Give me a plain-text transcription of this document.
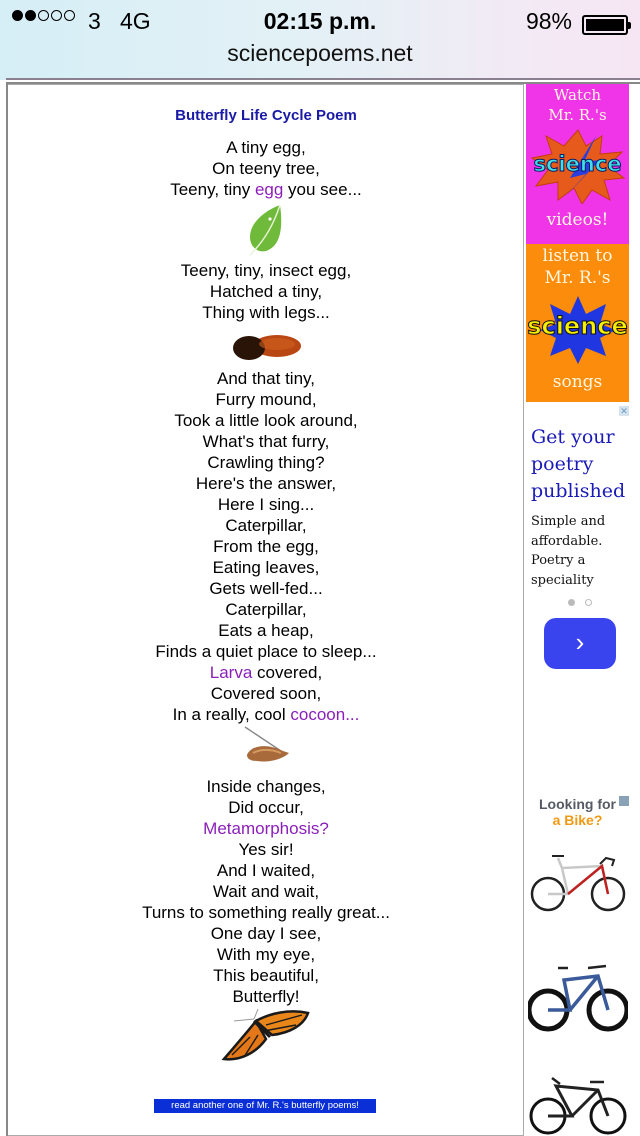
3 4G	02:15 p.m.	98%
sciencepoems.net
Butterfly Life Cycle Poem
A tiny egg,
On teeny tree,
Teeny, tiny egg you see...
Teeny, tiny, insect egg,
Hatched a tiny,
Thing with legs...
And that tiny,
Furry mound,
Took a little look around,
What's that furry,
Crawling thing?
Here's the answer,
Here I sing...
Caterpillar,
From the egg,
Eating leaves,
Gets well-fed...
Caterpillar,
Eats a heap,
Finds a quiet place to sleep...
Larva covered,
Covered soon,
In a really, cool cocoon...
Inside changes,
Did occur,
Metamorphosis?
Yes sir!
And I waited,
Wait and wait,
Turns to something really great...
One day I see,
With my eye,
This beautiful,
Butterfly!
read another one of Mr. R.'s butterfly poems!
Watch
Mr. R.'s
science
videos!
listen to
Mr. R.'s
science
songs
✕
Get your poetry published
Simple and affordable. Poetry a speciality
›
Looking for
a Bike?
